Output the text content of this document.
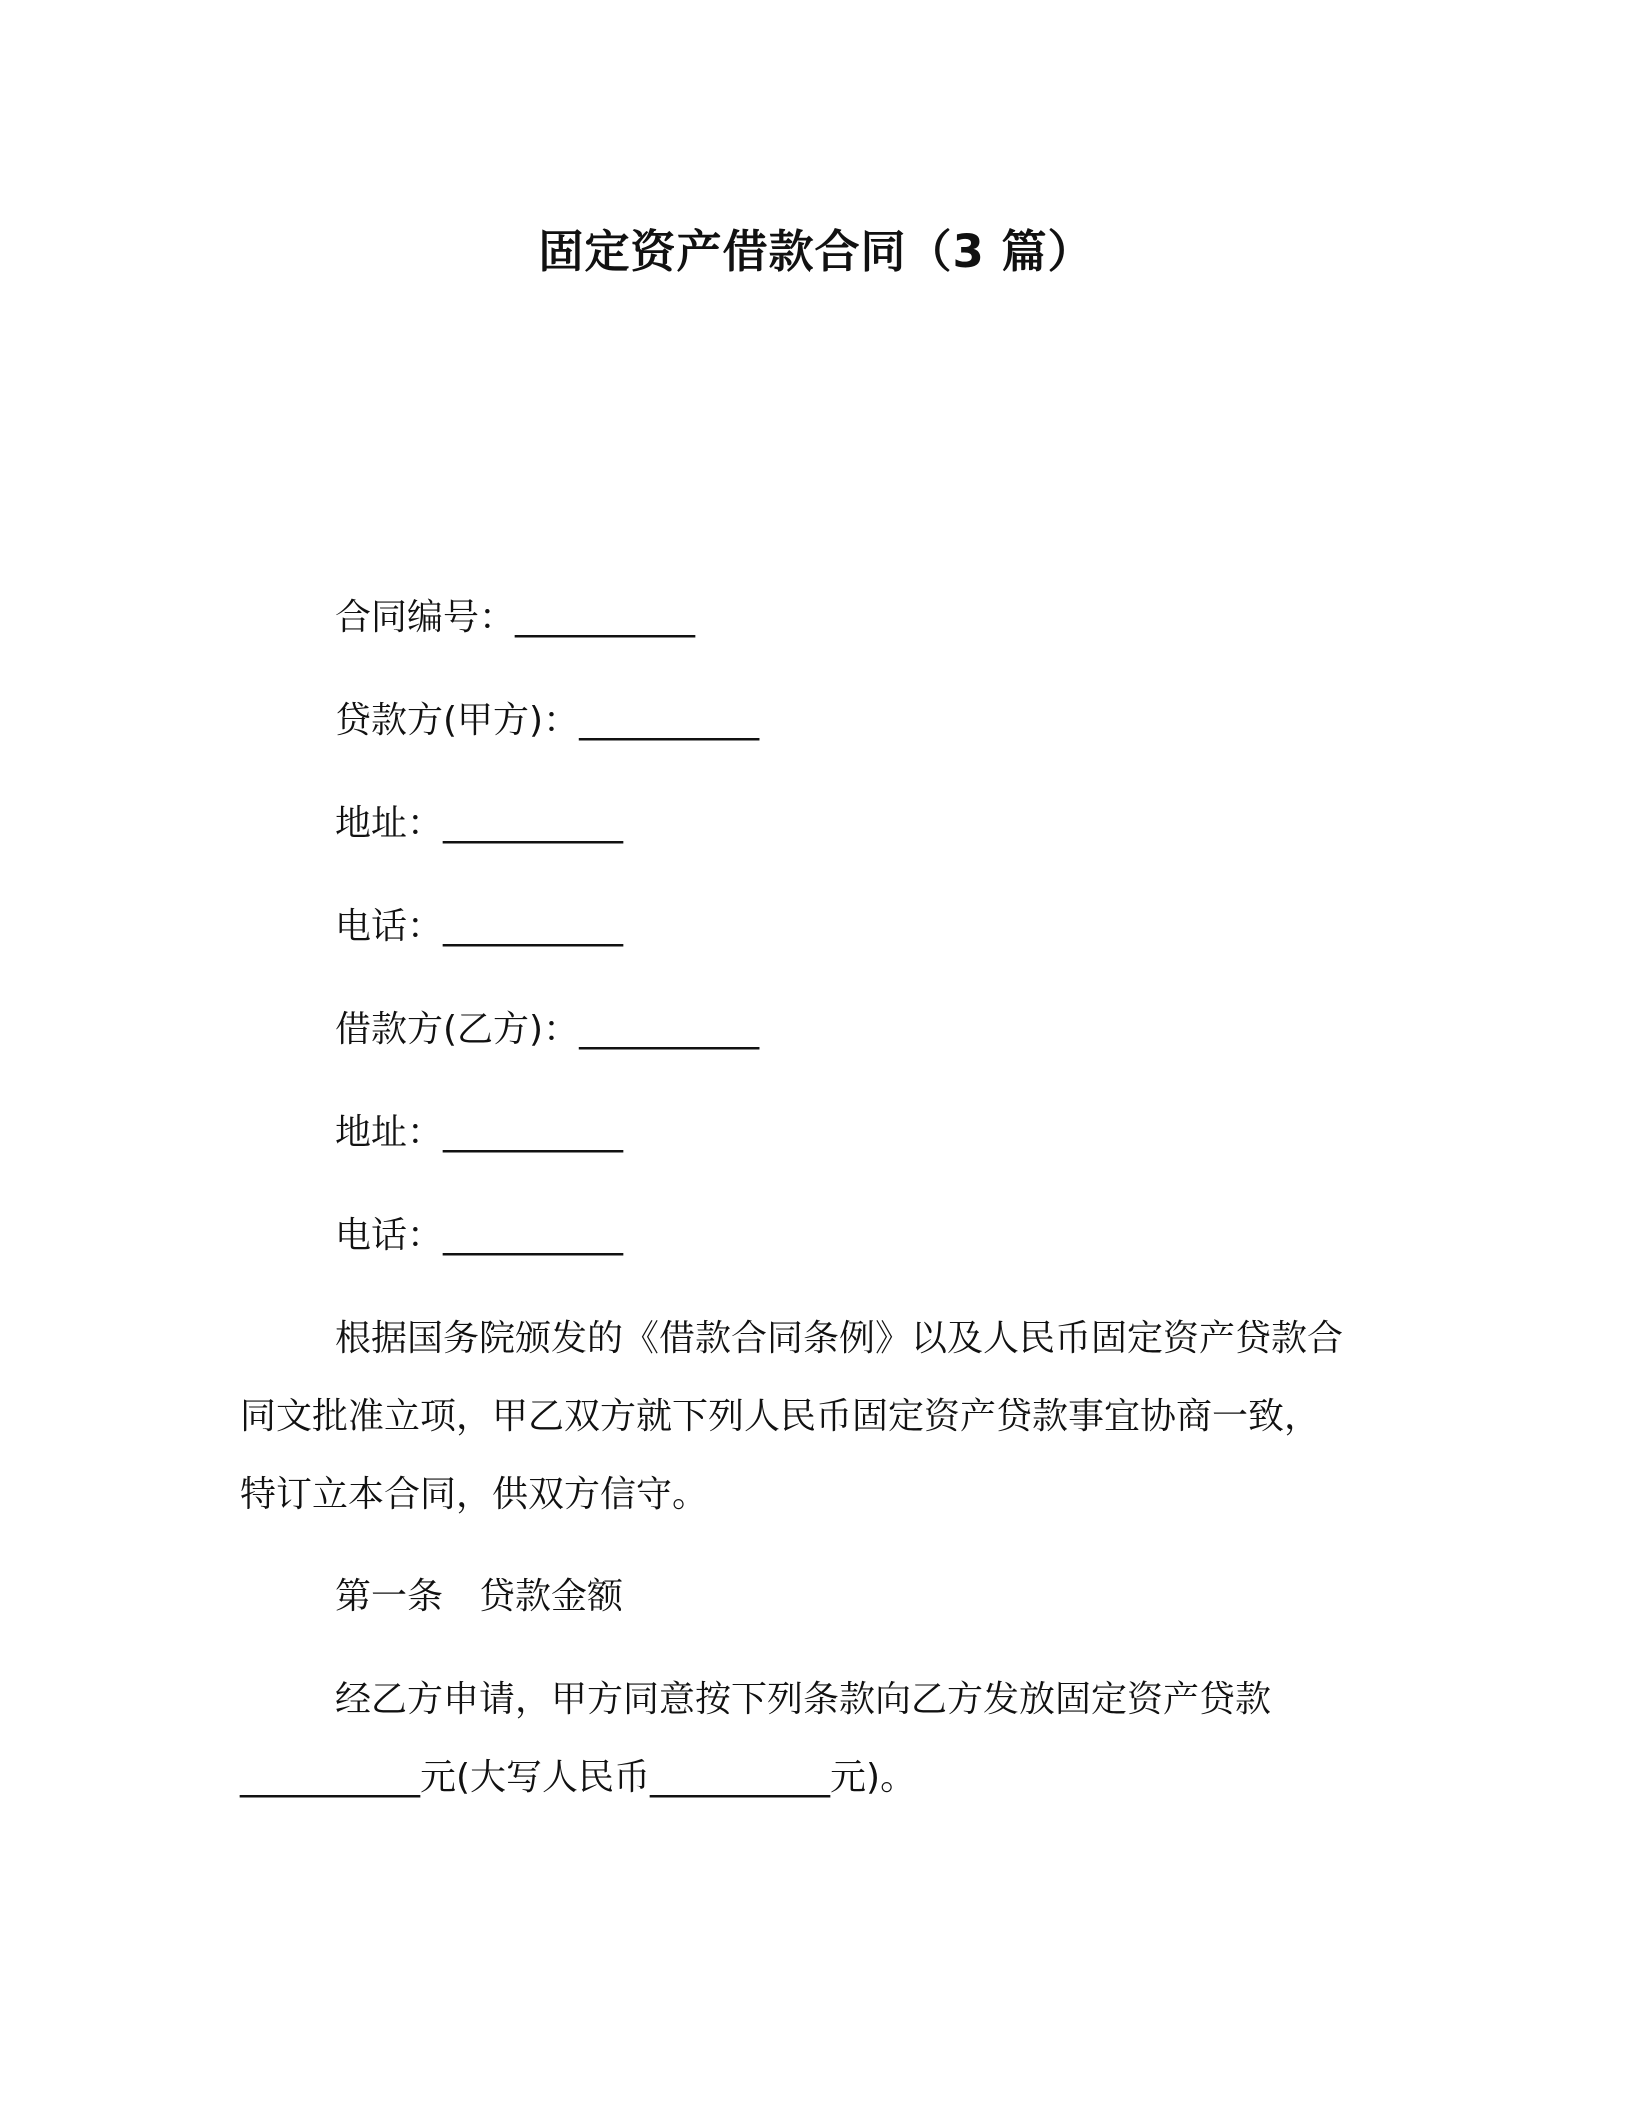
固定资产借款合同（3 篇）

合同编号：__________

贷款方(甲方)：__________

地址：__________

电话：__________

借款方(乙方)：__________

地址：__________

电话：__________

根据国务院颁发的《借款合同条例》以及人民币固定资产贷款合
同文批准立项，甲乙双方就下列人民币固定资产贷款事宜协商一致，
特订立本合同，供双方信守。

第一条　贷款金额

经乙方申请，甲方同意按下列条款向乙方发放固定资产贷款
__________元(大写人民币__________元)。
